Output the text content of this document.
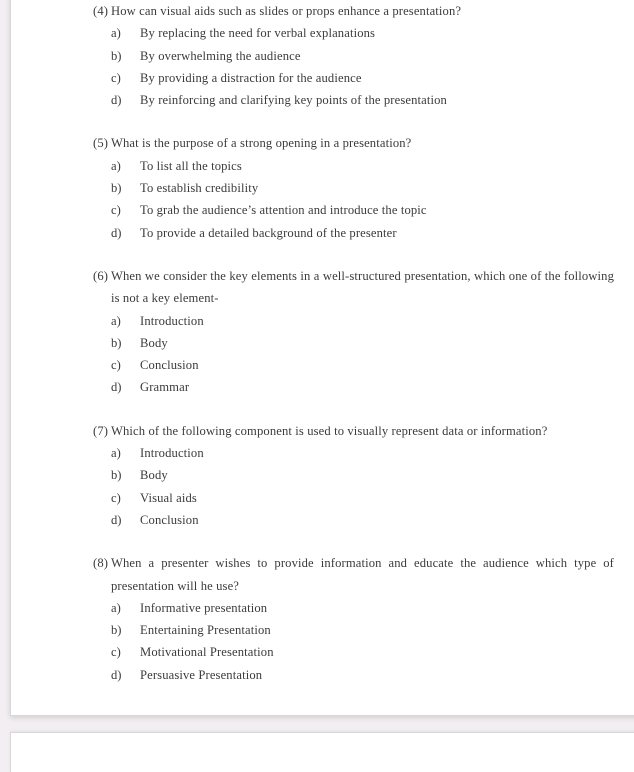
(4) How can visual aids such as slides or props enhance a presentation?
a)	By replacing the need for verbal explanations
b)	By overwhelming the audience
c)	By providing a distraction for the audience
d)	By reinforcing and clarifying key points of the presentation
(5) What is the purpose of a strong opening in a presentation?
a)	To list all the topics
b)	To establish credibility
c)	To grab the audience’s attention and introduce the topic
d)	To provide a detailed background of the presenter
(6) When we consider the key elements in a well-structured presentation, which one of the following is not a key element-
a)	Introduction
b)	Body
c)	Conclusion
d)	Grammar
(7) Which of the following component is used to visually represent data or information?
a)	Introduction
b)	Body
c)	Visual aids
d)	Conclusion
(8) When a presenter wishes to provide information and educate the audience which type of presentation will he use?
a)	Informative presentation
b)	Entertaining Presentation
c)	Motivational Presentation
d)	Persuasive Presentation
